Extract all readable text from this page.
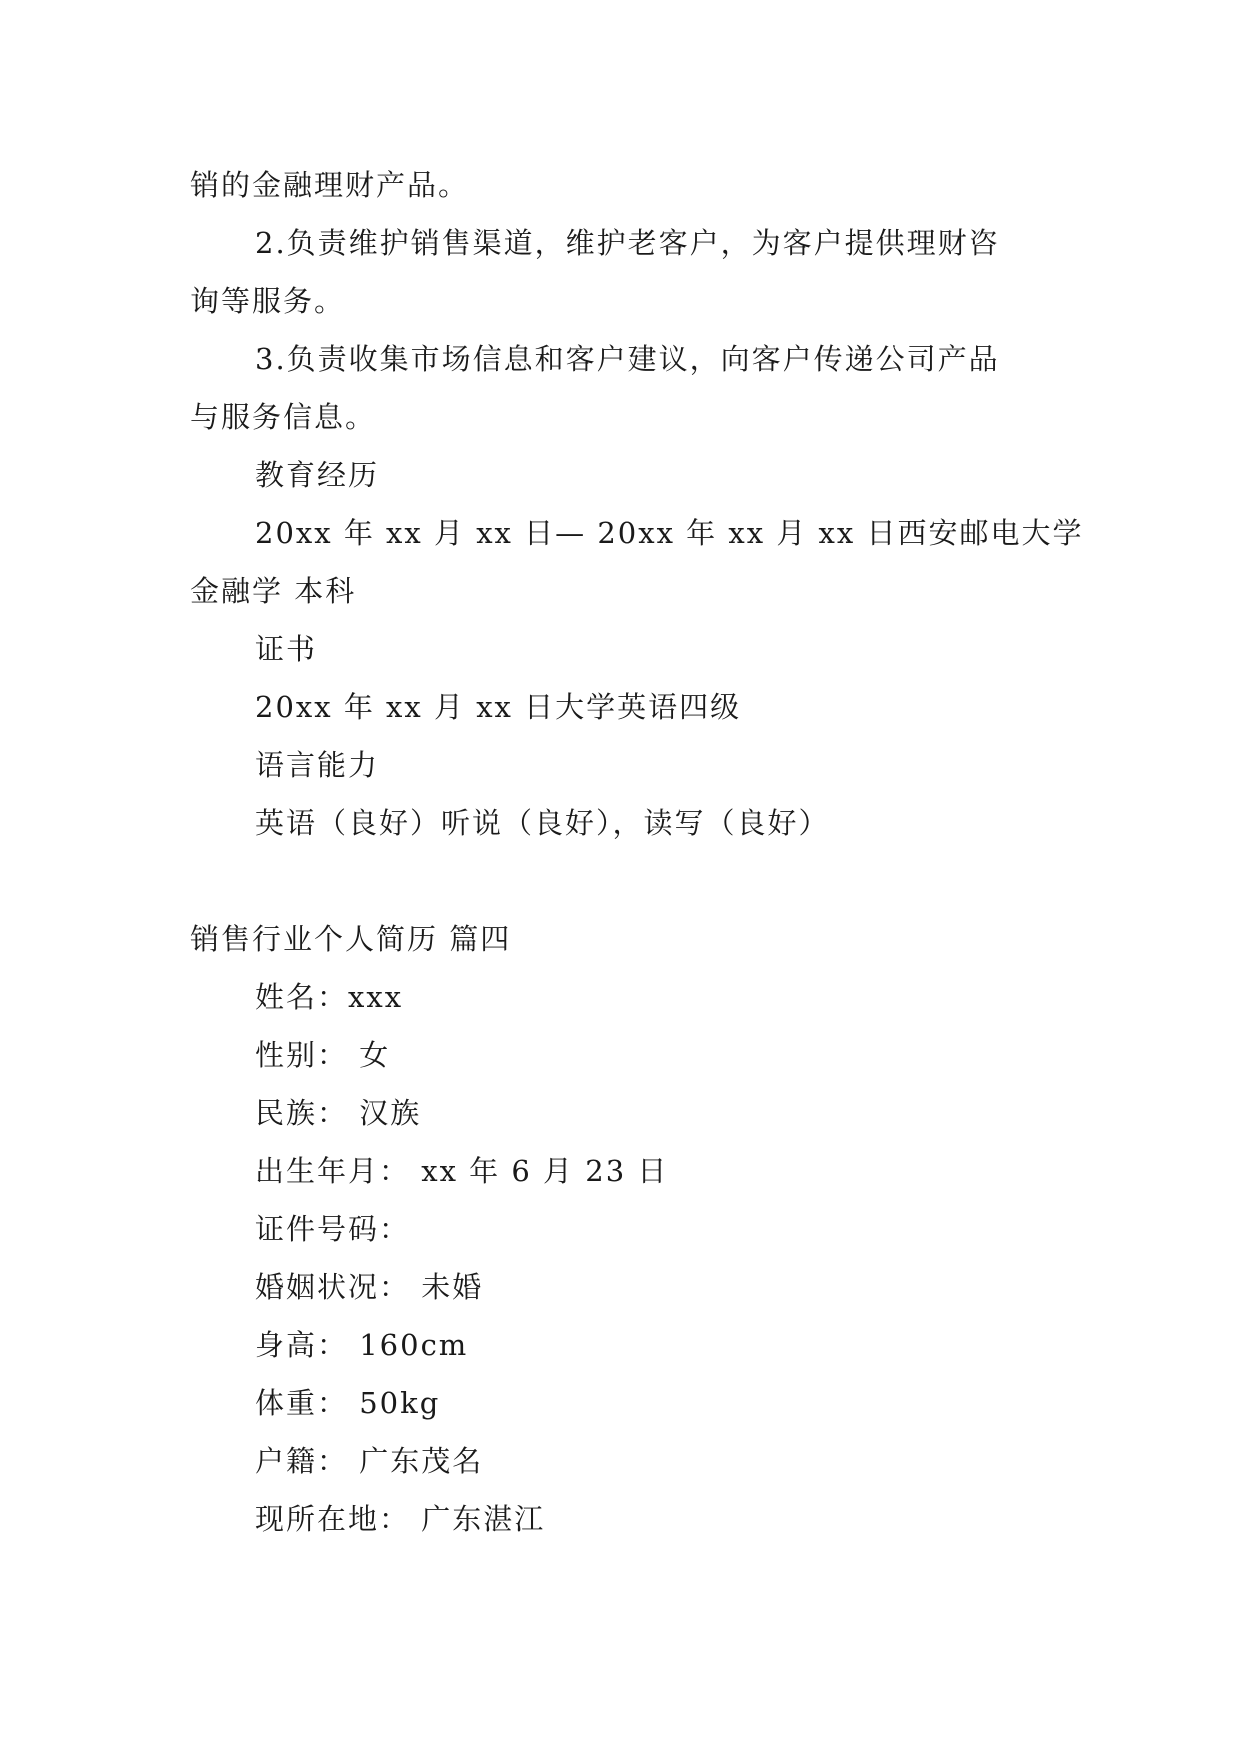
销的金融理财产品。
2.负责维护销售渠道，维护老客户，为客户提供理财咨
询等服务。
3.负责收集市场信息和客户建议，向客户传递公司产品
与服务信息。
教育经历
20xx 年 xx 月 xx 日— 20xx 年 xx 月 xx 日西安邮电大学
金融学 本科
证书
20xx 年 xx 月 xx 日大学英语四级
语言能力
英语（良好）听说（良好），读写（良好）
销售行业个人简历 篇四
姓名：xxx
性别： 女
民族： 汉族
出生年月： xx 年 6 月 23 日
证件号码：
婚姻状况： 未婚
身高： 160cm
体重： 50kg
户籍： 广东茂名
现所在地： 广东湛江
